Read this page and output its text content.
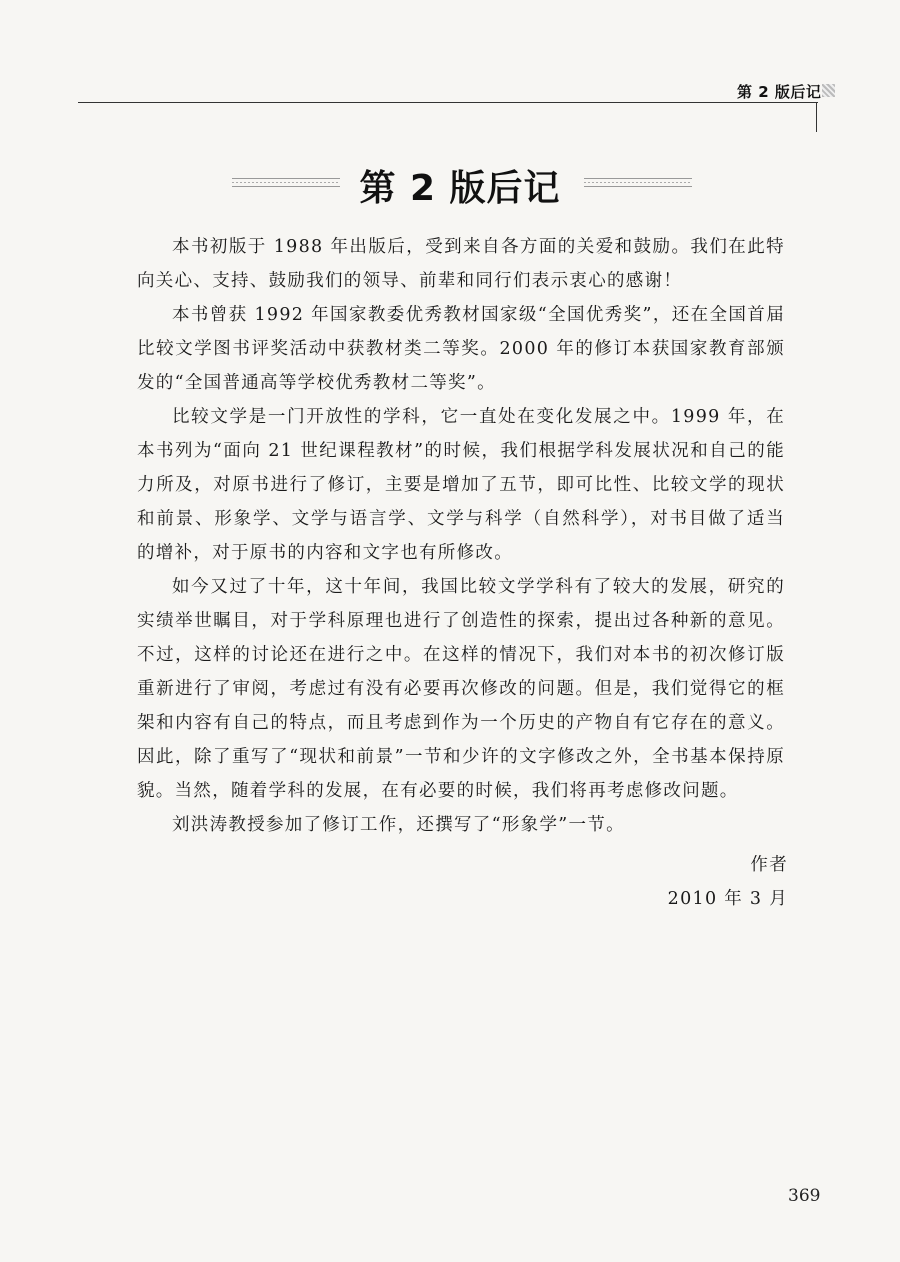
第 2 版后记
第 2 版后记

本书初版于 1988 年出版后，受到来自各方面的关爱和鼓励。我们在此特向关心、支持、鼓励我们的领导、前辈和同行们表示衷心的感谢！

本书曾获 1992 年国家教委优秀教材国家级“全国优秀奖”，还在全国首届比较文学图书评奖活动中获教材类二等奖。2000 年的修订本获国家教育部颁发的“全国普通高等学校优秀教材二等奖”。

比较文学是一门开放性的学科，它一直处在变化发展之中。1999 年，在本书列为“面向 21 世纪课程教材”的时候，我们根据学科发展状况和自己的能力所及，对原书进行了修订，主要是增加了五节，即可比性、比较文学的现状和前景、形象学、文学与语言学、文学与科学（自然科学），对书目做了适当的增补，对于原书的内容和文字也有所修改。

如今又过了十年，这十年间，我国比较文学学科有了较大的发展，研究的实绩举世瞩目，对于学科原理也进行了创造性的探索，提出过各种新的意见。不过，这样的讨论还在进行之中。在这样的情况下，我们对本书的初次修订版重新进行了审阅，考虑过有没有必要再次修改的问题。但是，我们觉得它的框架和内容有自己的特点，而且考虑到作为一个历史的产物自有它存在的意义。因此，除了重写了“现状和前景”一节和少许的文字修改之外，全书基本保持原貌。当然，随着学科的发展，在有必要的时候，我们将再考虑修改问题。

刘洪涛教授参加了修订工作，还撰写了“形象学”一节。

作者
2010 年 3 月
369
